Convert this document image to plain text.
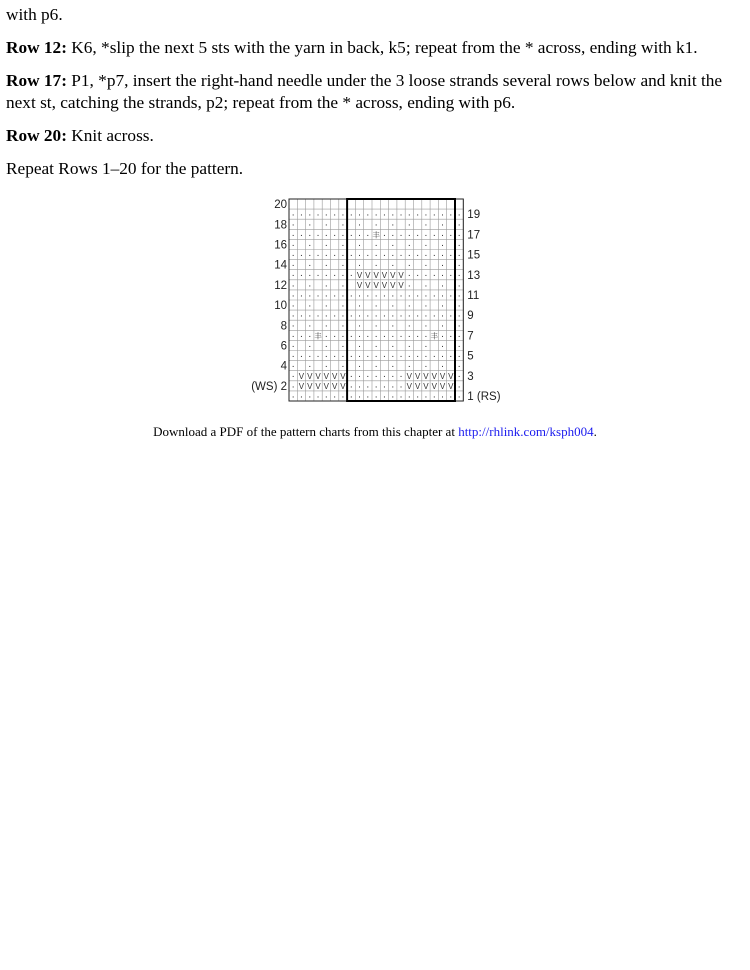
with p6.

Row 12: K6, *slip the next 5 sts with the yarn in back, k5; repeat from the * across, ending with k1.

Row 17: P1, *p7, insert the right-hand needle under the 3 loose strands several rows below and knit the next st, catching the strands, p2; repeat from the * across, ending with p6.

Row 20: Knit across.

Repeat Rows 1–20 for the pattern.

· · · · · · · · · · · · · · · · · · · · ·
· V V V V V V · · · · · · · V V V V V V ·
· V V V V V V · · · · · · · V V V V V V ·
· · · · · · · · · · ·
· · · · · · · · · · · · · · · · · · · · ·
· · · · · · · · · · ·
· · · 丰 · · · · · · · · · · · · · 丰 · · ·
· · · · · · · · · · ·
· · · · · · · · · · · · · · · · · · · · ·
· · · · · · · · · · ·
· · · · · · · · · · · · · · · · · · · · ·
· · · · V V V V V V · · · ·
· · · · · · · · V V V V V V · · · · · · ·
· · · · · · · · · · ·
· · · · · · · · · · · · · · · · · · · · ·
· · · · · · · · · · ·
· · · · · · · · · · 丰 · · · · · · · · · ·
· · · · · · · · · · ·
· · · · · · · · · · · · · · · · · · · · ·
20
18
16
14
12
10
8
6
4
(WS) 2
19
17
15
13
11
9
7
5
3
1 (RS)
Download a PDF of the pattern charts from this chapter at http://rhlink.com/ksph004.
